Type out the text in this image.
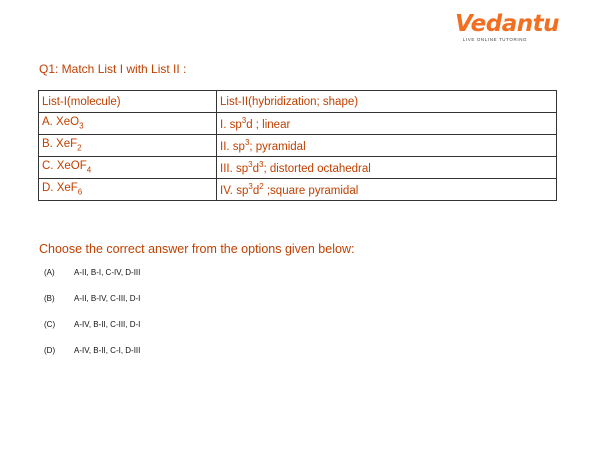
Vedantu
LIVE ONLINE TUTORING
Q1: Match List I with List II :
List-I(molecule)	List-II(hybridization; shape)
A. XeO$_3$	I. $sp^3d$ ; linear
B. XeF$_2$	II. $sp^3$; pyramidal
C. XeOF$_4$	III. $sp^3d^3$; distorted octahedral
D. XeF$_6$	IV. $sp^3d^2$ ;square pyramidal
Choose the correct answer from the options given below:
(A) A-II, B-I, C-IV, D-III
(B) A-II, B-IV, C-III, D-I
(C) A-IV, B-II, C-III, D-I
(D) A-IV, B-II, C-I, D-III
